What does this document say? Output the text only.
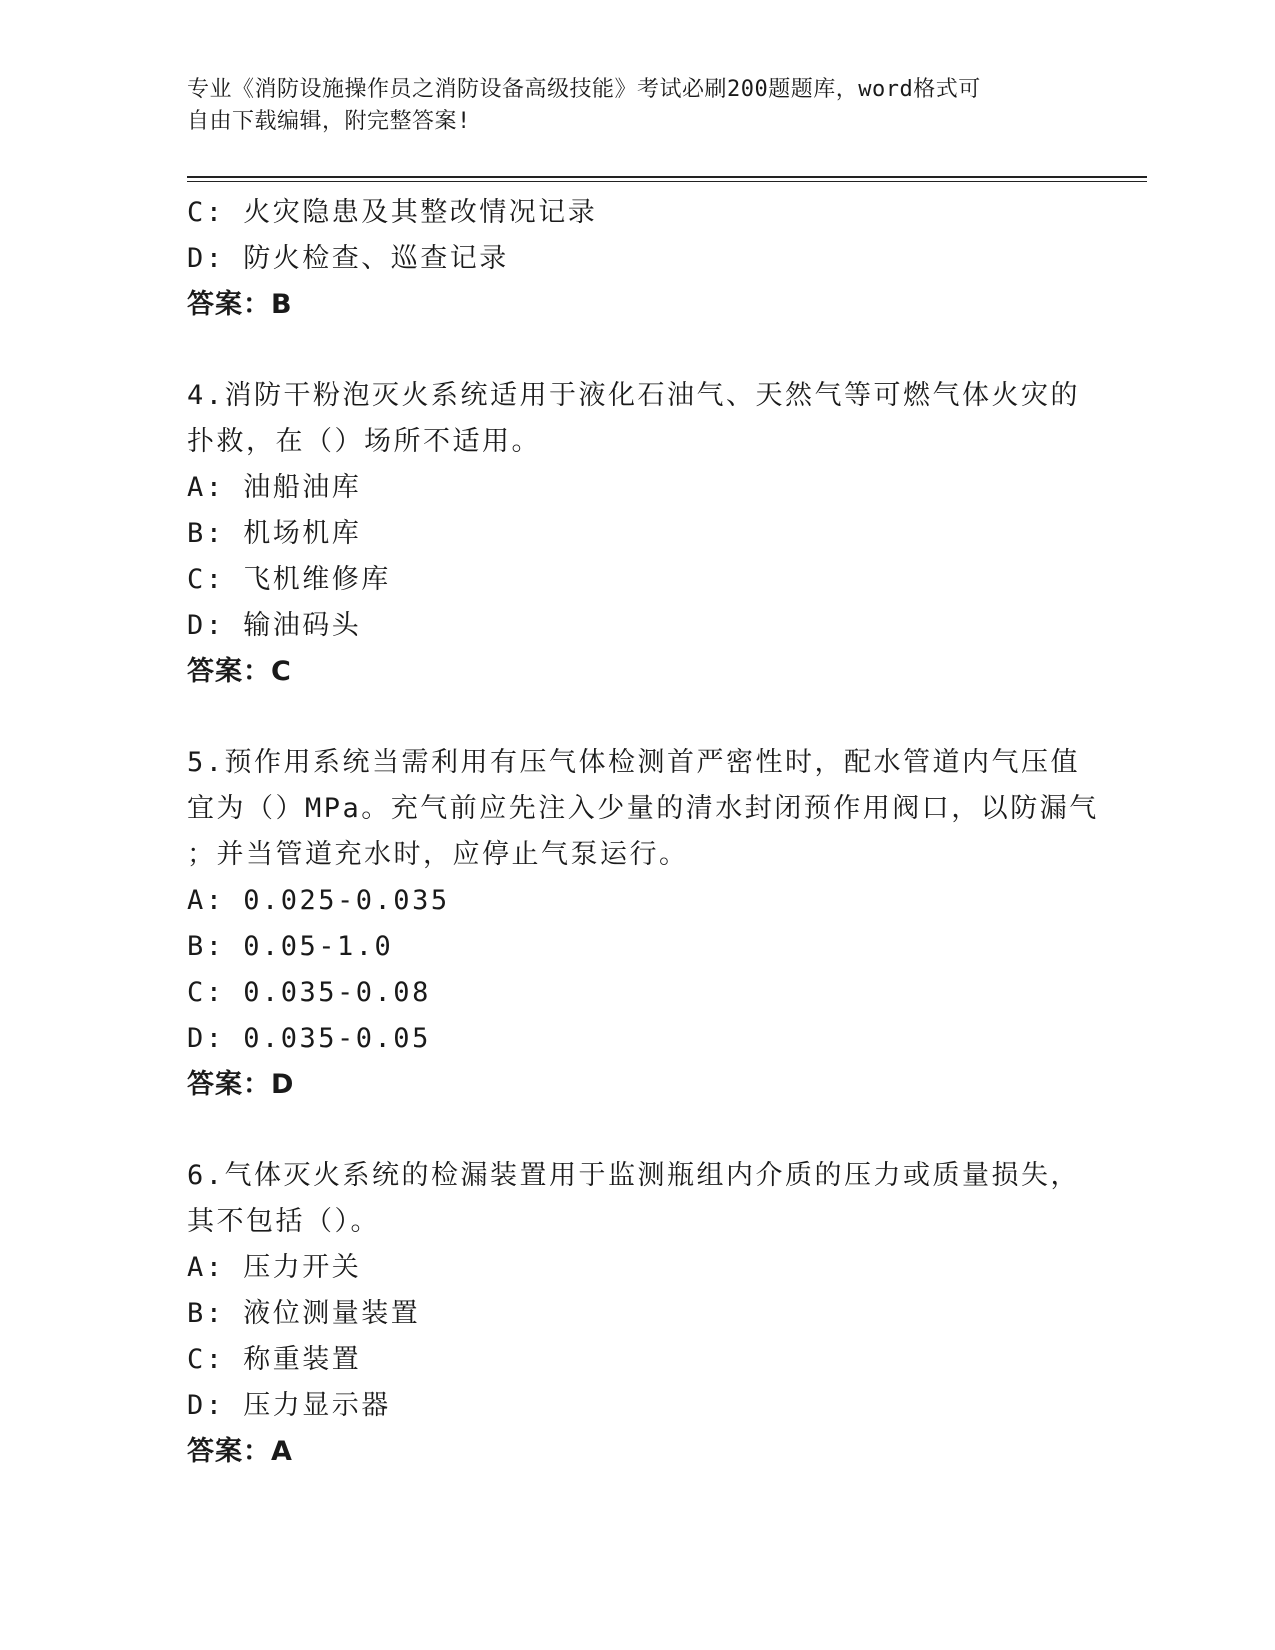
专业《消防设施操作员之消防设备高级技能》考试必刷200题题库，word格式可
自由下载编辑，附完整答案!
C: 火灾隐患及其整改情况记录
D: 防火检查、巡查记录
答案：B
4.消防干粉泡灭火系统适用于液化石油气、天然气等可燃气体火灾的
扑救，在（）场所不适用。
A: 油船油库
B: 机场机库
C: 飞机维修库
D: 输油码头
答案：C
5.预作用系统当需利用有压气体检测首严密性时，配水管道内气压值
宜为（）MPa。充气前应先注入少量的清水封闭预作用阀口，以防漏气
；并当管道充水时，应停止气泵运行。
A: 0.025-0.035
B: 0.05-1.0
C: 0.035-0.08
D: 0.035-0.05
答案：D
6.气体灭火系统的检漏装置用于监测瓶组内介质的压力或质量损失，
其不包括（）。
A: 压力开关
B: 液位测量装置
C: 称重装置
D: 压力显示器
答案：A
